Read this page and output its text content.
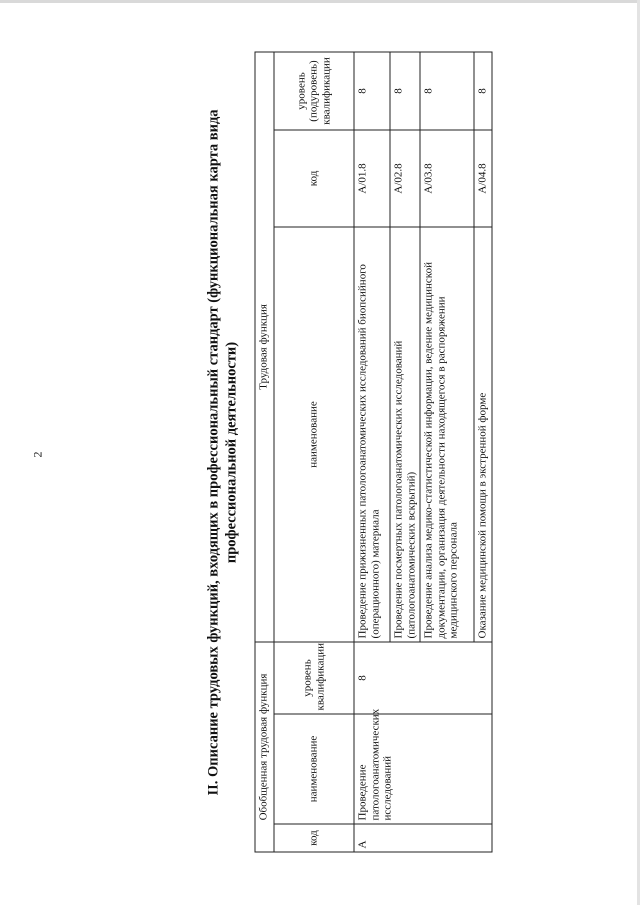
2	II. Описание трудовых функций, входящих в профессиональный стандарт (функциональная карта вида профессиональной деятельности)
Обобщенная трудовая функция			Трудовая функция		
код	наименование	уровень квалификации	наименование	код	уровень (подуровень) квалификации
A	Проведение патологоанатомических исследований	8	Проведение прижизненных патологоанатомических исследований биопсийного (операционного) материала	A/01.8	8
			Проведение посмертных патологоанатомических исследований (патологоанатомических вскрытий)	A/02.8	8
			Проведение анализа медико-статистической информации, ведение медицинской документации, организация деятельности находящегося в распоряжении медицинского персонала	A/03.8	8
			Оказание медицинской помощи в экстренной форме	A/04.8	8
